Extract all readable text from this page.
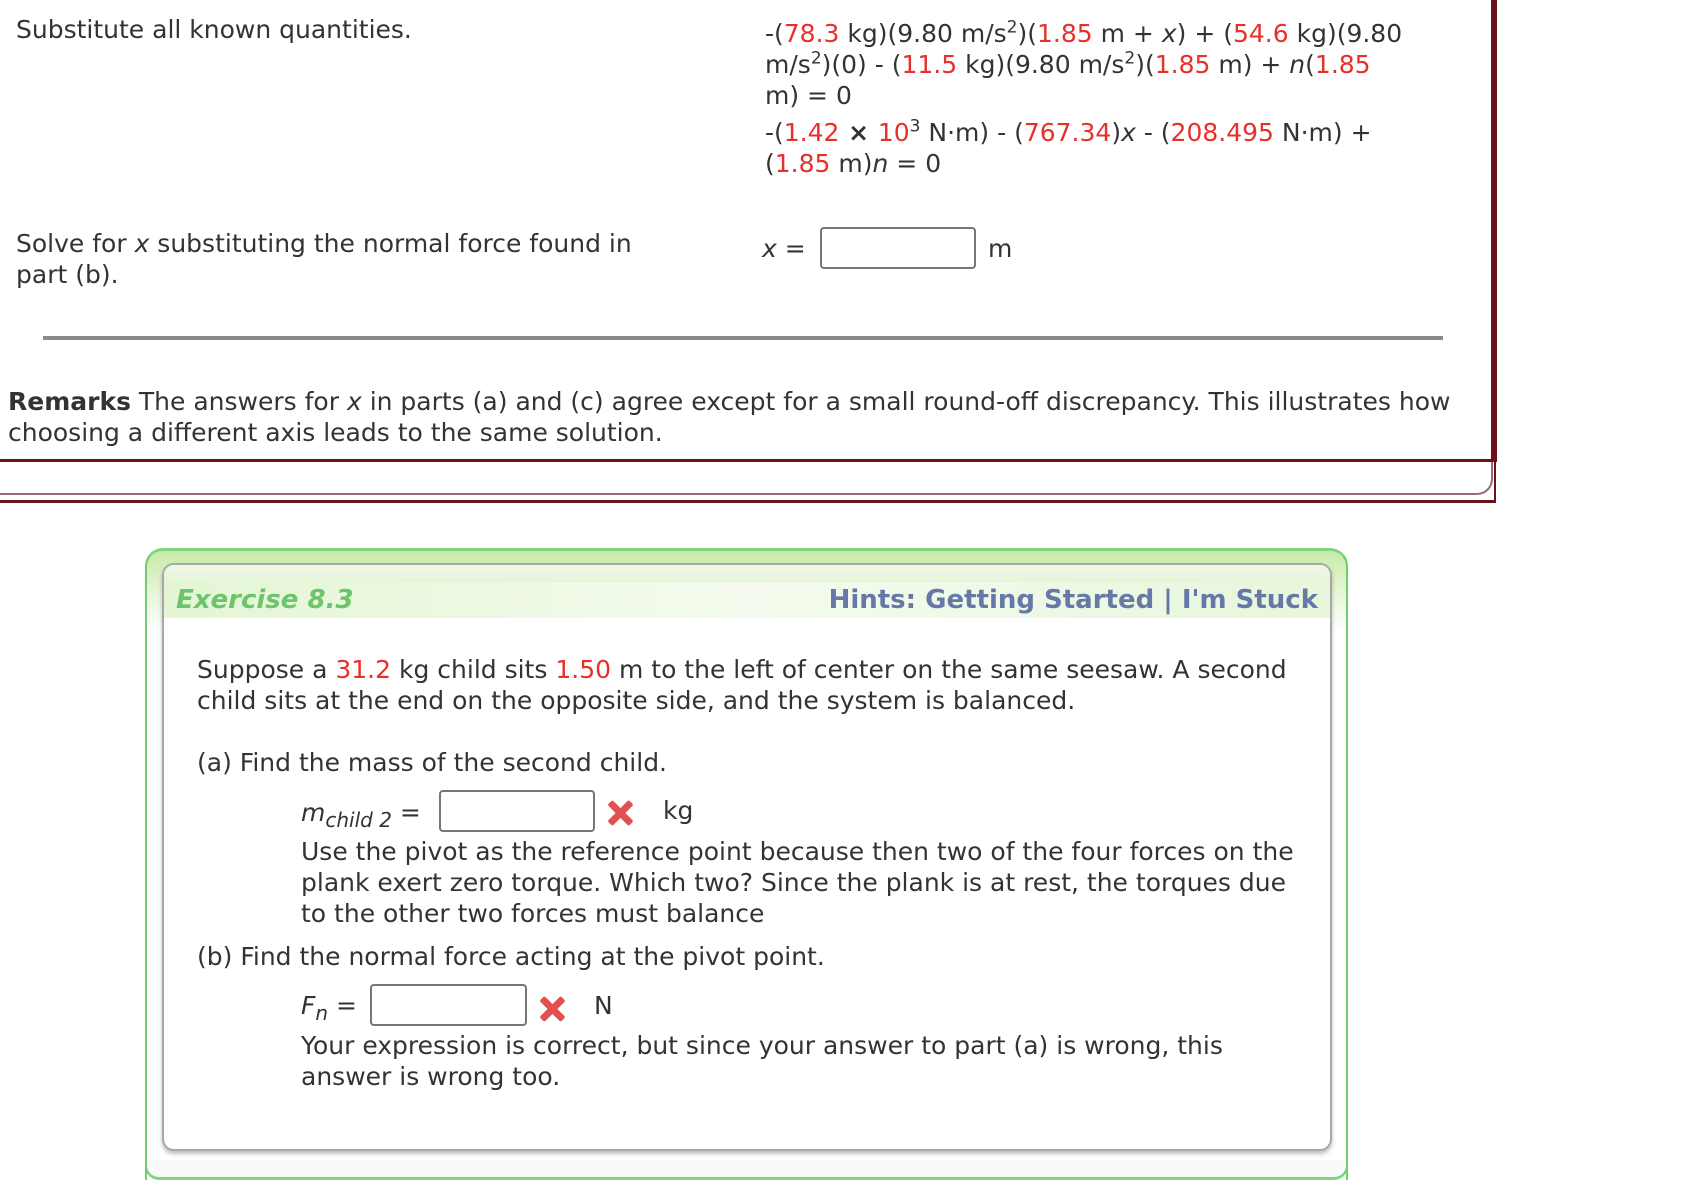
Substitute all known quantities.	-(78.3 kg)(9.80 $m/s^2)(1.85$ m + x) + (54.6 kg)(9.80
$m/s^2)(0) - (11.5$ kg)(9.80 $m/s^2)(1.85$ m) + n(1.85
m) = 0
$-(1.42 \times 10^3$ N·m) - (767.34)x - (208.495 N·m) +
(1.85 m)n = 0
Solve for x substituting the normal force found in part (b).
x =	m
Remarks The answers for x in parts (a) and (c) agree except for a small round-off discrepancy. This illustrates how choosing a different axis leads to the same solution.
Exercise 8.3	Hints: Getting Started | I'm Stuck
Suppose a 31.2 kg child sits 1.50 m to the left of center on the same seesaw. A second child sits at the end on the opposite side, and the system is balanced.
(a) Find the mass of the second child.
$m_{child 2}$ =	kg
Use the pivot as the reference point because then two of the four forces on the plank exert zero torque. Which two? Since the plank is at rest, the torques due to the other two forces must balance
(b) Find the normal force acting at the pivot point.
$F_n$ =	N
Your expression is correct, but since your answer to part (a) is wrong, this answer is wrong too.
